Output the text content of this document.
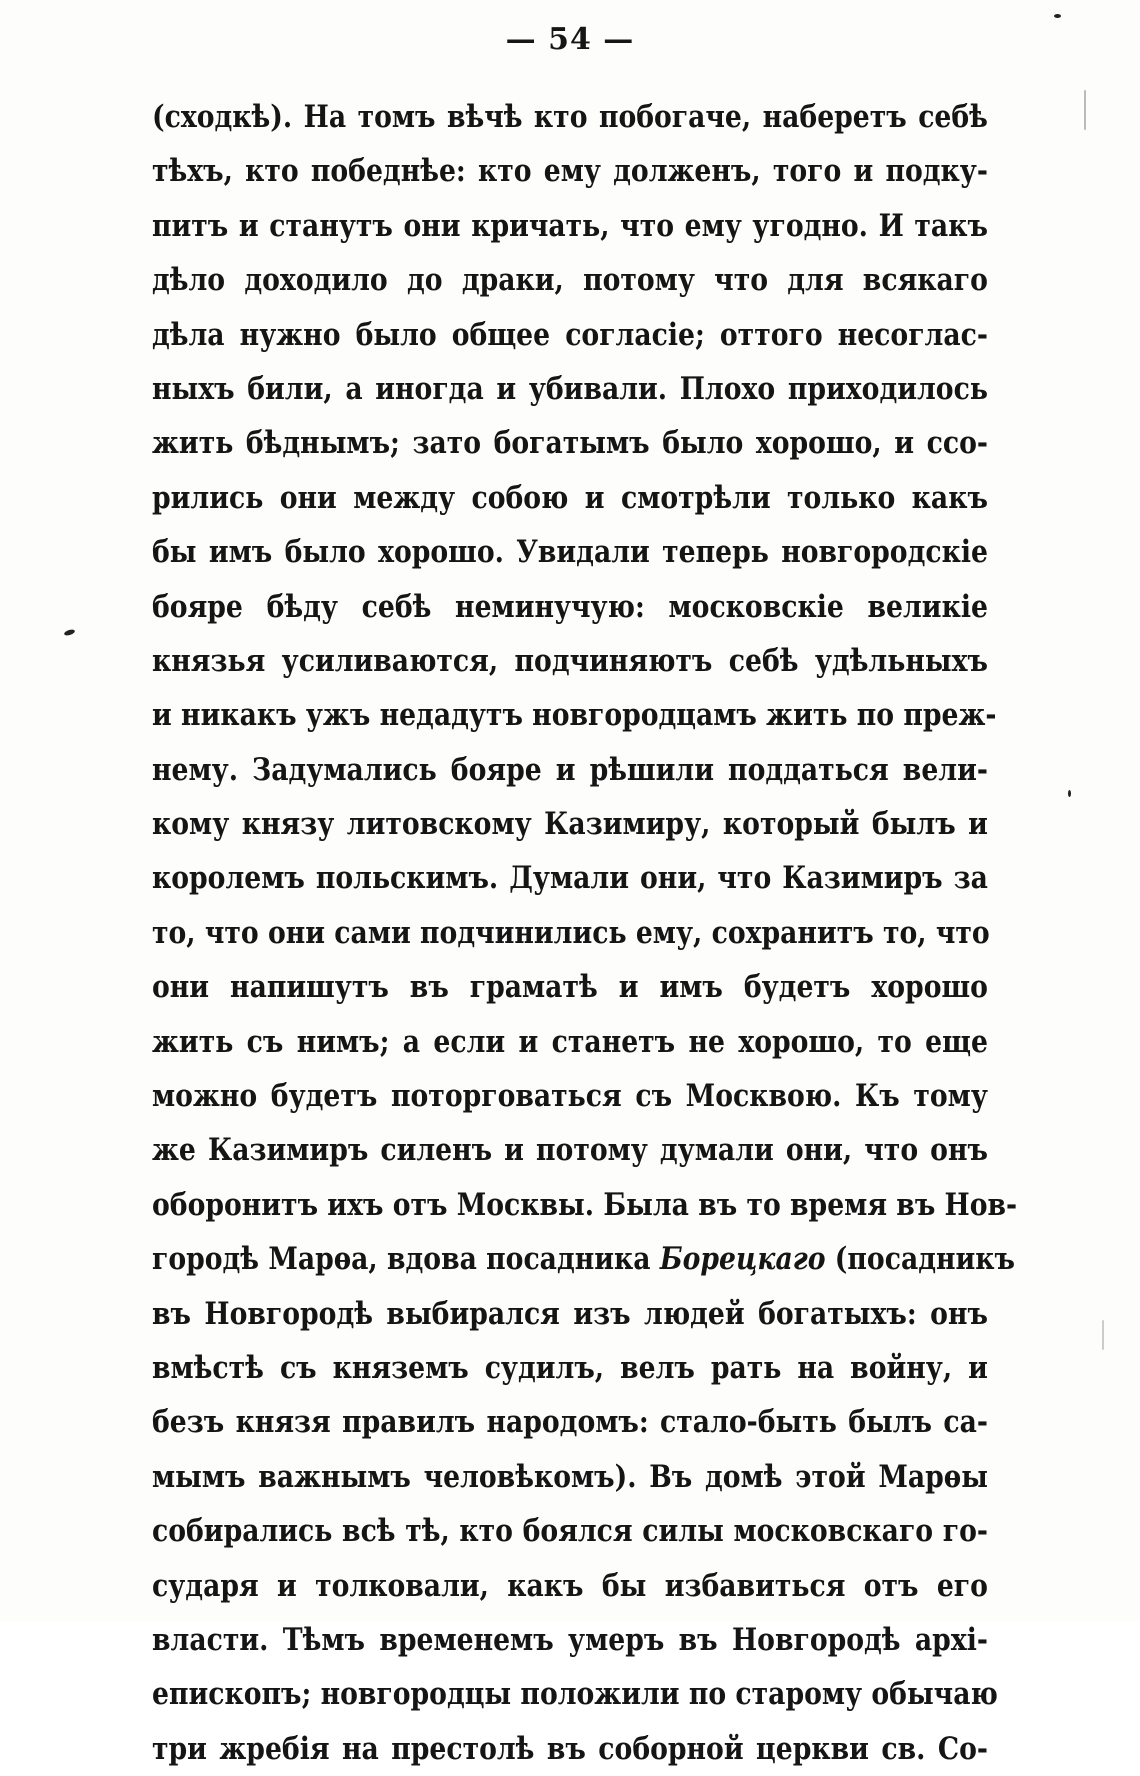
— 54 —
(сходкѣ). На томъ вѣчѣ кто побогаче, наберетъ себѣ
тѣхъ, кто победнѣе: кто ему долженъ, того и подку-
питъ и станутъ они кричать, что ему угодно. И такъ
дѣло доходило до драки, потому что для всякаго
дѣла нужно было общее согласіе; оттого несоглас-
ныхъ били, а иногда и убивали. Плохо приходилось
жить бѣднымъ; зато богатымъ было хорошо, и ссо-
рились они между собою и смотрѣли только какъ
бы имъ было хорошо. Увидали теперь новгородскіе
бояре бѣду себѣ неминучую: московскіе великіе
князья усиливаются, подчиняютъ себѣ удѣльныхъ
и никакъ ужъ недадутъ новгородцамъ жить по преж-
нему. Задумались бояре и рѣшили поддаться вели-
кому князу литовскому Казимиру, который былъ и
королемъ польскимъ. Думали они, что Казимиръ за
то, что они сами подчинились ему, сохранитъ то, что
они напишутъ въ граматѣ и имъ будетъ хорошо
жить съ нимъ; а если и станетъ не хорошо, то еще
можно будетъ поторговаться съ Москвою. Къ тому
же Казимиръ силенъ и потому думали они, что онъ
оборонитъ ихъ отъ Москвы. Была въ то время въ Нов-
городѣ Марѳа, вдова посадника Борецкаго (посадникъ
въ Новгородѣ выбирался изъ людей богатыхъ: онъ
вмѣстѣ съ княземъ судилъ, велъ рать на войну, и
безъ князя правилъ народомъ: стало-быть былъ са-
мымъ важнымъ человѣкомъ). Въ домѣ этой Марѳы
собирались всѣ тѣ, кто боялся силы московскаго го-
сударя и толковали, какъ бы избавиться отъ его
власти. Тѣмъ временемъ умеръ въ Новгородѣ архі-
епископъ; новгородцы положили по старому обычаю
три жребія на престолѣ въ соборной церкви св. Со-
